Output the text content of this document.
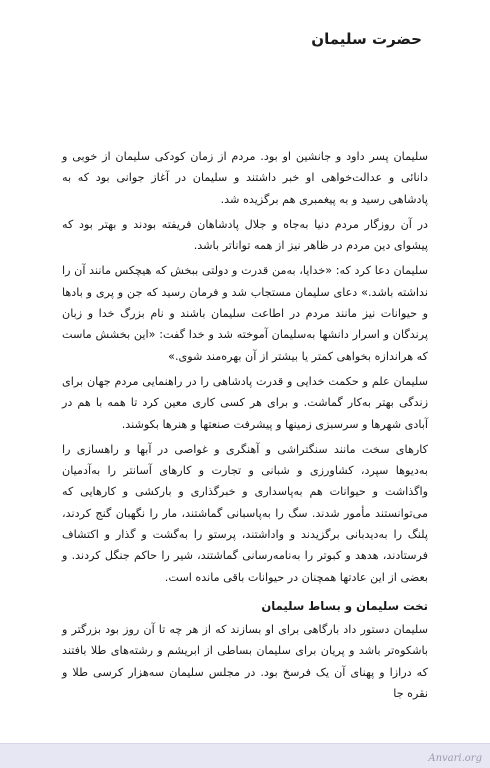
حضرت سلیمان

سلیمان پسر داود و جانشین او بود. مردم از زمان کودکی سلیمان از خوبی و دانائی و عدالت‌خواهی او خبر داشتند و سلیمان در آغاز جوانی بود که به پادشاهی رسید و به پیغمبری هم برگزیده شد.

در آن روزگار مردم دنیا به‌جاه و جلال پادشاهان فریفته بودند و بهتر بود که پیشوای دین مردم در ظاهر نیز از همه توانا‌تر باشد.

سلیمان دعا کرد که: «خدایا، به‌من قدرت و دولتی ببخش که هیچکس مانند آن را نداشته باشد.» دعای سلیمان مستجاب شد و فرمان رسید که جن و پری و بادها و حیوانات نیز مانند مردم در اطاعت سلیمان باشند و نام بزرگ خدا و زبان پرندگان و اسرار دانشها به‌سلیمان آموخته شد و خدا گفت: «این بخشش ماست که هراندازه بخواهی کمتر یا بیشتر از آن بهره‌مند شوی.»

سلیمان علم و حکمت خدایی و قدرت پادشاهی را در راهنمایی مردم جهان برای زندگی بهتر به‌کار گماشت. و برای هر کسی کاری معین کرد تا همه با هم در آبادی شهرها و سرسبزی زمینها و پیشرفت صنعتها و هنرها بکوشند.

کارهای سخت مانند سنگتراشی و آهنگری و غواصی در آبها و راهسازی را به‌دیوها سپرد، کشاورزی و شبانی و تجارت و کارهای آسانتر را به‌آدمیان واگذاشت و حیوانات هم به‌پاسداری و خبرگذاری و بارکشی و کارهایی که می‌توانستند مأمور شدند. سگ را به‌پاسبانی گماشتند، مار را نگهبان گنج کردند، پلنگ را به‌دیدبانی برگزیدند و واداشتند، پرستو را به‌گشت و گذار و اکتشاف فرستادند، هدهد و کبوتر را به‌نامه‌رسانی گماشتند، شیر را حاکم جنگل کردند. و بعضی از این عادتها همچنان در حیوانات باقی مانده است.

تخت سلیمان و بساط سلیمان

سلیمان دستور داد بارگاهی برای او بسازند که از هر چه تا آن روز بود بزرگتر و باشکوه‌تر باشد و پریان برای سلیمان بساطی از ابریشم و رشته‌های طلا بافتند که درازا و پهنای آن یک فرسخ بود. در مجلس سلیمان سه‌هزار کرسی طلا و نقره جا

Anvari.org
